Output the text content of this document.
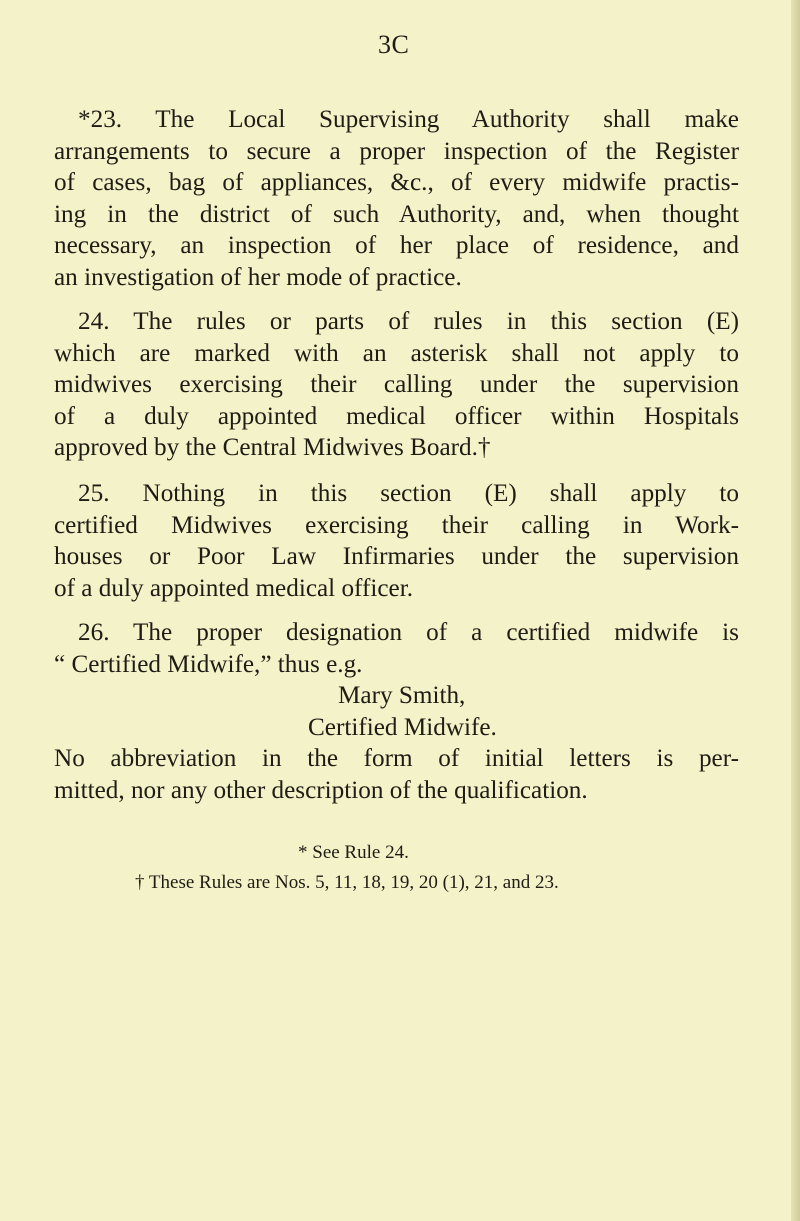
3C
*23. The Local Supervising Authority shall make
arrangements to secure a proper inspection of the Register
of cases, bag of appliances, &c., of every midwife practis-
ing in the district of such Authority, and, when thought
necessary, an inspection of her place of residence, and
an investigation of her mode of practice.
24. The rules or parts of rules in this section (E)
which are marked with an asterisk shall not apply to
midwives exercising their calling under the supervision
of a duly appointed medical officer within Hospitals
approved by the Central Midwives Board.†
25. Nothing in this section (E) shall apply to
certified Midwives exercising their calling in Work-
houses or Poor Law Infirmaries under the supervision
of a duly appointed medical officer.
26. The proper designation of a certified midwife is
“ Certified Midwife,” thus e.g.
Mary Smith,
Certified Midwife.
No abbreviation in the form of initial letters is per-
mitted, nor any other description of the qualification.
* See Rule 24.
† These Rules are Nos. 5, 11, 18, 19, 20 (1), 21, and 23.
